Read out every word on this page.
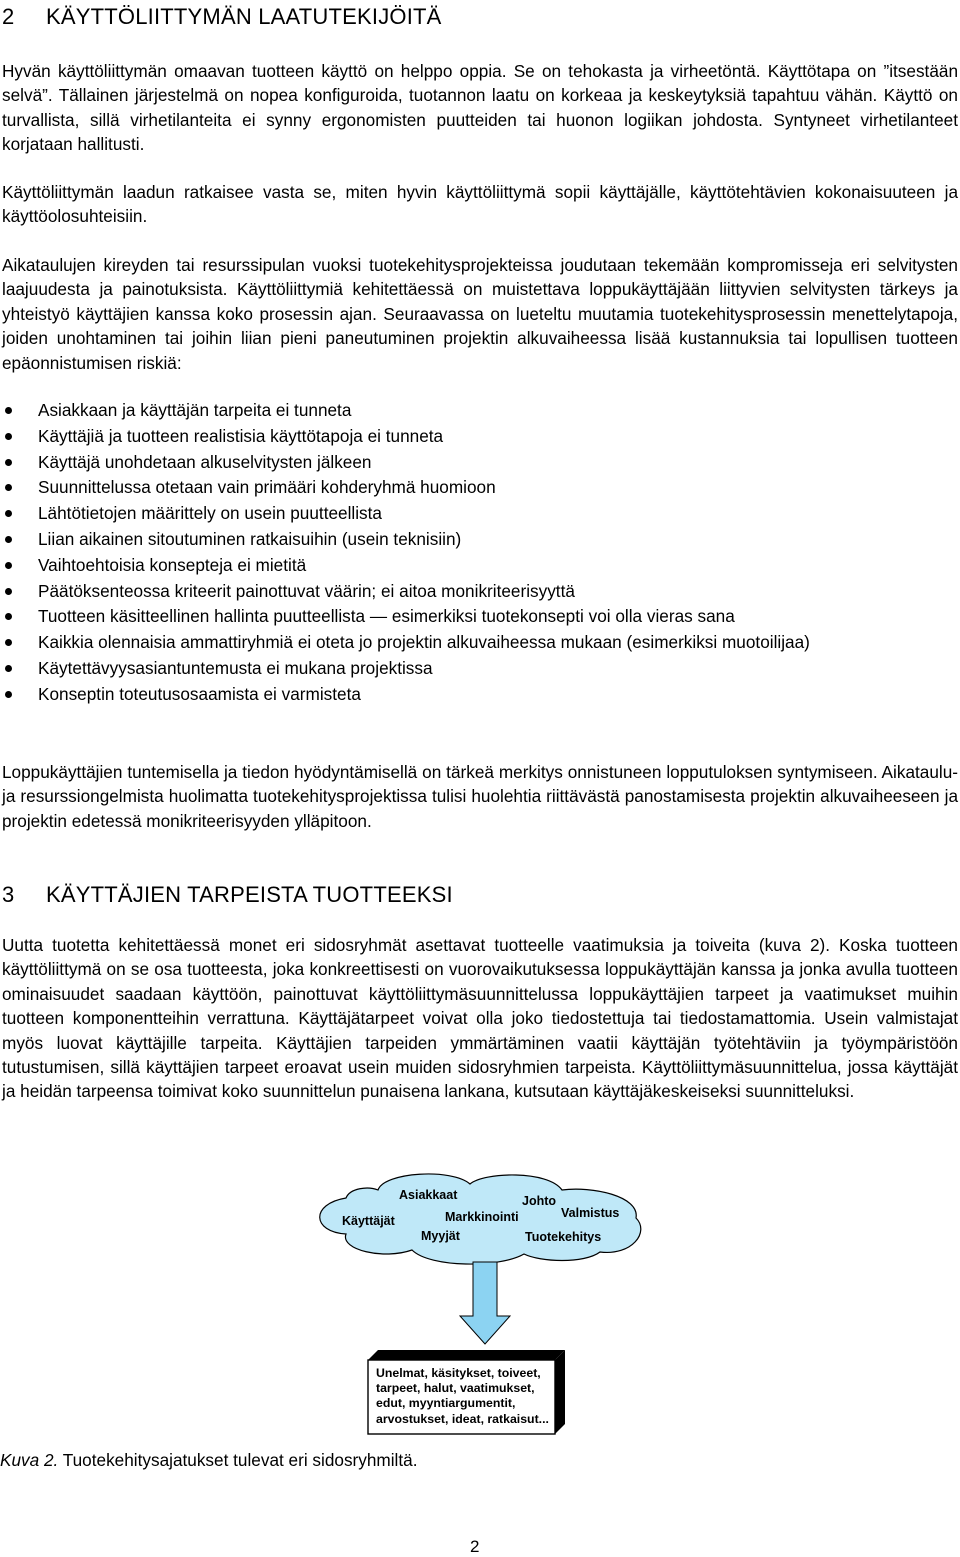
2 KÄYTTÖLIITTYMÄN LAATUTEKIJÖITÄ

Hyvän käyttöliittymän omaavan tuotteen käyttö on helppo oppia. Se on tehokasta ja virheetöntä. Käyttötapa on ”itsestään selvä”. Tällainen järjestelmä on nopea konfiguroida, tuotannon laatu on korkeaa ja keskeytyksiä tapahtuu vähän. Käyttö on turvallista, sillä virhetilanteita ei synny ergonomisten puutteiden tai huonon logiikan johdosta. Syntyneet virhetilanteet korjataan hallitusti.

Käyttöliittymän laadun ratkaisee vasta se, miten hyvin käyttöliittymä sopii käyttäjälle, käyttötehtävien kokonaisuuteen ja käyttöolosuhteisiin.

Aikataulujen kireyden tai resurssipulan vuoksi tuotekehitysprojekteissa joudutaan tekemään kompromisseja eri selvitysten laajuudesta ja painotuksista. Käyttöliittymiä kehitettäessä on muistettava loppukäyttäjään liittyvien selvitysten tärkeys ja yhteistyö käyttäjien kanssa koko prosessin ajan. Seuraavassa on lueteltu muutamia tuotekehitysprosessin menettelytapoja, joiden unohtaminen tai joihin liian pieni paneutuminen projektin alkuvaiheessa lisää kustannuksia tai lopullisen tuotteen epäonnistumisen riskiä:

Asiakkaan ja käyttäjän tarpeita ei tunneta
Käyttäjiä ja tuotteen realistisia käyttötapoja ei tunneta
Käyttäjä unohdetaan alkuselvitysten jälkeen
Suunnittelussa otetaan vain primääri kohderyhmä huomioon
Lähtötietojen määrittely on usein puutteellista
Liian aikainen sitoutuminen ratkaisuihin (usein teknisiin)
Vaihtoehtoisia konsepteja ei mietitä
Päätöksenteossa kriteerit painottuvat väärin; ei aitoa monikriteerisyyttä
Tuotteen käsitteellinen hallinta puutteellista — esimerkiksi tuotekonsepti voi olla vieras sana
Kaikkia olennaisia ammattiryhmiä ei oteta jo projektin alkuvaiheessa mukaan (esimerkiksi muotoilijaa)
Käytettävyysasiantuntemusta ei mukana projektissa
Konseptin toteutusosaamista ei varmisteta

Loppukäyttäjien tuntemisella ja tiedon hyödyntämisellä on tärkeä merkitys onnistuneen lopputuloksen syntymiseen. Aikataulu- ja resurssiongelmista huolimatta tuotekehitysprojektissa tulisi huolehtia riittävästä panostamisesta projektin alkuvaiheeseen ja projektin edetessä monikriteerisyyden ylläpitoon.

3 KÄYTTÄJIEN TARPEISTA TUOTTEEKSI

Uutta tuotetta kehitettäessä monet eri sidosryhmät asettavat tuotteelle vaatimuksia ja toiveita (kuva 2). Koska tuotteen käyttöliittymä on se osa tuotteesta, joka konkreettisesti on vuorovaikutuksessa loppukäyttäjän kanssa ja jonka avulla tuotteen ominaisuudet saadaan käyttöön, painottuvat käyttöliittymäsuunnittelussa loppukäyttäjien tarpeet ja vaatimukset muihin tuotteen komponentteihin verrattuna. Käyttäjätarpeet voivat olla joko tiedostettuja tai tiedostamattomia. Usein valmistajat myös luovat käyttäjille tarpeita. Käyttäjien tarpeiden ymmärtäminen vaatii käyttäjän työtehtäviin ja työympäristöön tutustumisen, sillä käyttäjien tarpeet eroavat usein muiden sidosryhmien tarpeista. Käyttöliittymäsuunnittelua, jossa käyttäjät ja heidän tarpeensa toimivat koko suunnittelun punaisena lankana, kutsutaan käyttäjäkeskeiseksi suunnitteluksi.

Asiakkaat	Johto
Käyttäjät	Markkinointi	Valmistus
Myyjät	Tuotekehitys
Unelmat, käsitykset, toiveet,
tarpeet, halut, vaatimukset,
edut, myyntiargumentit,
arvostukset, ideat, ratkaisut...
Kuva 2. Tuotekehitysajatukset tulevat eri sidosryhmiltä.
2
